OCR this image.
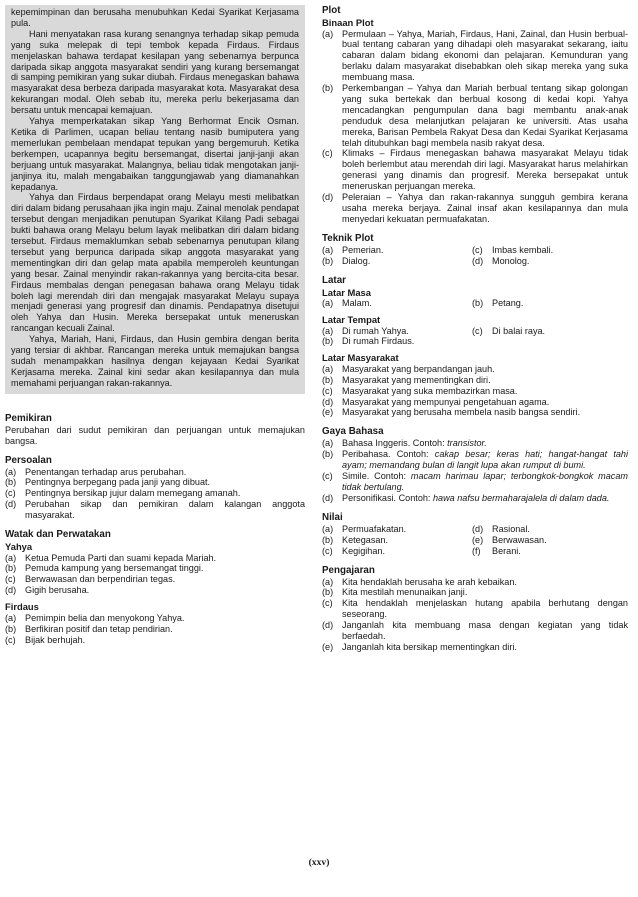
kepemimpinan dan berusaha menubuhkan Kedai Syarikat Kerjasama pula.

Hani menyatakan rasa kurang senangnya terhadap sikap pemuda yang suka melepak di tepi tembok kepada Firdaus. Firdaus menjelaskan bahawa terdapat kesilapan yang sebenarnya berpunca daripada sikap anggota masyarakat sendiri yang kurang bersemangat di samping pemikiran yang sukar diubah. Firdaus menegaskan bahawa masyarakat desa berbeza daripada masyarakat kota. Masyarakat desa kekurangan modal. Oleh sebab itu, mereka perlu bekerjasama dan bersatu untuk mencapai kemajuan.

Yahya memperkatakan sikap Yang Berhormat Encik Osman. Ketika di Parlimen, ucapan beliau tentang nasib bumiputera yang memerlukan pembelaan mendapat tepukan yang bergemuruh. Ketika berkempen, ucapannya begitu bersemangat, disertai janji-janji akan berjuang untuk masyarakat. Malangnya, beliau tidak mengotakan janji-janjinya itu, malah mengabaikan tanggungjawab yang diamanahkan kepadanya.

Yahya dan Firdaus berpendapat orang Melayu mesti melibatkan diri dalam bidang perusahaan jika ingin maju. Zainal menolak pendapat tersebut dengan menjadikan penutupan Syarikat Kilang Padi sebagai bukti bahawa orang Melayu belum layak melibatkan diri dalam bidang tersebut. Firdaus memaklumkan sebab sebenarnya penutupan kilang tersebut yang berpunca daripada sikap anggota masyarakat yang mementingkan diri dan gelap mata apabila memperoleh keuntungan yang besar. Zainal menyindir rakan-rakannya yang bercita-cita besar. Firdaus membalas dengan penegasan bahawa orang Melayu tidak boleh lagi merendah diri dan mengajak masyarakat Melayu supaya menjadi generasi yang progresif dan dinamis. Pendapatnya disetujui oleh Yahya dan Husin. Mereka bersepakat untuk meneruskan rancangan kecuali Zainal.

Yahya, Mariah, Hani, Firdaus, dan Husin gembira dengan berita yang tersiar di akhbar. Rancangan mereka untuk memajukan bangsa sudah menampakkan hasilnya dengan kejayaan Kedai Syarikat Kerjasama mereka. Zainal kini sedar akan kesilapannya dan mula memahami perjuangan rakan-rakannya.

Pemikiran
Perubahan dari sudut pemikiran dan perjuangan untuk memajukan bangsa.
Persoalan
(a) Penentangan terhadap arus perubahan.
(b) Pentingnya berpegang pada janji yang dibuat.
(c)	Pentingnya bersikap jujur dalam memegang amanah.
(d) Perubahan sikap dan pemikiran dalam kalangan anggota masyarakat.
Watak dan Perwatakan
Yahya
(a) Ketua Pemuda Parti dan suami kepada Mariah.
(b) Pemuda kampung yang bersemangat tinggi.
(c)	Berwawasan dan berpendirian tegas.
(d) Gigih berusaha.
Firdaus
(a) Pemimpin belia dan menyokong Yahya.
(b) Berfikiran positif dan tetap pendirian.
(c)	Bijak berhujah.
Plot
Binaan Plot
(a) Permulaan – Yahya, Mariah, Firdaus, Hani, Zainal, dan Husin berbual-bual tentang cabaran yang dihadapi oleh masyarakat sekarang, iaitu cabaran dalam bidang ekonomi dan pelajaran. Kemunduran yang berlaku dalam masyarakat disebabkan oleh sikap mereka yang suka membuang masa.
(b) Perkembangan – Yahya dan Mariah berbual tentang sikap golongan yang suka bertekak dan berbual kosong di kedai kopi. Yahya mencadangkan pengumpulan dana bagi membantu anak-anak penduduk desa melanjutkan pelajaran ke universiti. Atas usaha mereka, Barisan Pembela Rakyat Desa dan Kedai Syarikat Kerjasama telah ditubuhkan bagi membela nasib rakyat desa.
(c)	Klimaks – Firdaus menegaskan bahawa masyarakat Melayu tidak boleh berlembut atau merendah diri lagi. Masyarakat harus melahirkan generasi yang dinamis dan progresif. Mereka bersepakat untuk meneruskan perjuangan mereka.
(d) Peleraian – Yahya dan rakan-rakannya sungguh gembira kerana usaha mereka berjaya. Zainal insaf akan kesilapannya dan mula menyedari kekuatan permuafakatan.
Teknik Plot
(a) Pemerian.	(c)	Imbas kembali.
(b) Dialog.	(d) Monolog.
Latar
Latar Masa
(a) Malam.	(b) Petang.
Latar Tempat
(a) Di rumah Yahya.	(c)	Di balai raya.
(b) Di rumah Firdaus.
Latar Masyarakat
(a) Masyarakat yang berpandangan jauh.
(b) Masyarakat yang mementingkan diri.
(c)	Masyarakat yang suka membazirkan masa.
(d) Masyarakat yang mempunyai pengetahuan agama.
(e) Masyarakat yang berusaha membela nasib bangsa sendiri.
Gaya Bahasa
(a) Bahasa Inggeris. Contoh: transistor.
(b) Peribahasa. Contoh: cakap besar; keras hati; hangat-hangat tahi ayam; memandang bulan di langit lupa akan rumput di bumi.
(c)	Simile. Contoh: macam harimau lapar; terbongkok-bongkok macam tidak bertulang.
(d) Personifikasi. Contoh: hawa nafsu bermaharajalela di dalam dada.
Nilai
(a) Permuafakatan.	(d) Rasional.
(b) Ketegasan.	(e) Berwawasan.
(c)	Kegigihan.	(f)	Berani.
Pengajaran
(a) Kita hendaklah berusaha ke arah kebaikan.
(b) Kita mestilah menunaikan janji.
(c)	Kita hendaklah menjelaskan hutang apabila berhutang dengan seseorang.
(d) Janganlah kita membuang masa dengan kegiatan yang tidak berfaedah.
(e) Janganlah kita bersikap mementingkan diri.
(xxv)
